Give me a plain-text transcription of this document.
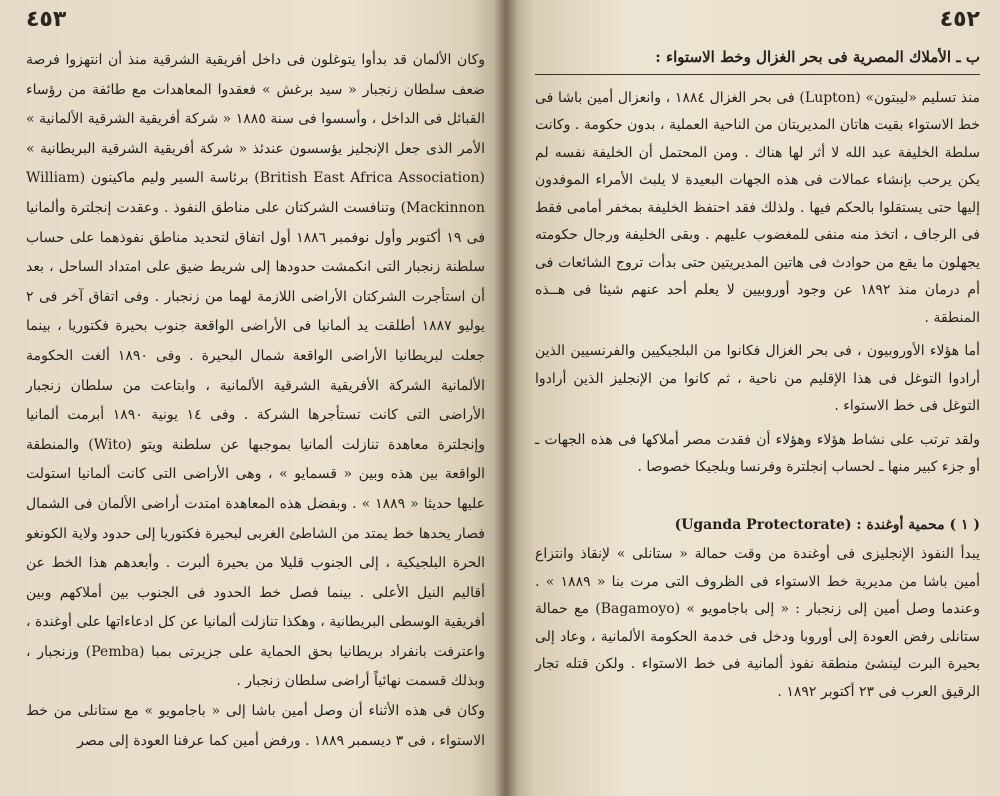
٤٥٣

وكان الألمان قد بدأوا يتوغلون فى داخل أفريقية الشرقية منذ أن انتهزوا فرصة ضعف سلطان زنجبار « سيد برغش » فعقدوا المعاهدات مع طائفة من رؤساء القبائل فى الداخل ، وأسسوا فى سنة ١٨٨٥ « شركة أفريقية الشرقية الألمانية » الأمر الذى جعل الإنجليز يؤسسون عندئذ « شركة أفريقية الشرقية البريطانية » (British East Africa Association) برئاسة السير وليم ماكينون (William Mackinnon) وتنافست الشركتان على مناطق النفوذ . وعقدت إنجلترة وألمانيا فى ١٩ أكتوبر وأول نوفمبر ١٨٨٦ أول اتفاق لتحديد مناطق نفوذهما على حساب سلطنة زنجبار التى انكمشت حدودها إلى شريط ضيق على امتداد الساحل ، بعد أن استأجرت الشركتان الأراضى اللازمة لهما من زنجبار . وفى اتفاق آخر فى ٢ يوليو ١٨٨٧ أطلقت يد ألمانيا فى الأراضى الواقعة جنوب بحيرة فكتوريا ، بينما جعلت لبريطانيا الأراضى الواقعة شمال البحيرة . وفى ١٨٩٠ ألغت الحكومة الألمانية الشركة الأفريقية الشرقية الألمانية ، وابتاعت من سلطان زنجبار الأراضى التى كانت تستأجرها الشركة . وفى ١٤ يونية ١٨٩٠ أبرمت ألمانيا وإنجلترة معاهدة تنازلت ألمانيا بموجبها عن سلطنة ويتو (Wito) والمنطقة الواقعة بين هذه وبين « قسمايو » ، وهى الأراضى التى كانت ألمانيا استولت عليها حديثا « ١٨٨٩ » . وبفضل هذه المعاهدة امتدت أراضى الألمان فى الشمال فصار يحدها خط يمتد من الشاطئ الغربى لبحيرة فكتوريا إلى حدود ولاية الكونغو الحرة البلجيكية ، إلى الجنوب قليلا من بحيرة ألبرت . وأبعدهم هذا الخط عن أقاليم النيل الأعلى . بينما فصل خط الحدود فى الجنوب بين أملاكهم وبين أفريقية الوسطى البريطانية ، وهكذا تنازلت ألمانيا عن كل ادعاءاتها على أوغندة ، واعترفت بانفراد بريطانيا بحق الحماية على جزيرتى بمبا (Pemba) وزنجبار ، وبذلك قسمت نهائياً أراضى سلطان زنجبار .

وكان فى هذه الأثناء أن وصل أمين باشا إلى « باجامويو » مع ستانلى من خط الاستواء ، فى ٣ ديسمبر ١٨٨٩ . ورفض أمين كما عرفنا العودة إلى مصر

٤٥٢
ب ـ الأملاك المصرية فى بحر الغزال وخط الاستواء :

منذ تسليم «ليبتون» (Lupton) فى بحر الغزال ١٨٨٤ ، وانعزال أمين باشا فى خط الاستواء بقيت هاتان المديريتان من الناحية العملية ، بدون حكومة . وكانت سلطة الخليفة عبد الله لا أثر لها هناك . ومن المحتمل أن الخليفة نفسه لم يكن يرحب بإنشاء عمالات فى هذه الجهات البعيدة لا يلبث الأمراء الموفدون إليها حتى يستقلوا بالحكم فيها . ولذلك فقد احتفظ الخليفة بمخفر أمامى فقط فى الرجاف ، اتخذ منه منفى للمغضوب عليهم . وبقى الخليفة ورجال حكومته يجهلون ما يقع من حوادث فى هاتين المديريتين حتى بدأت تروج الشائعات فى أم درمان منذ ١٨٩٢ عن وجود أوروبيين لا يعلم أحد عنهم شيئا فى هــذه المنطقة .

أما هؤلاء الأوروبيون ، فى بحر الغزال فكانوا من البلجيكيين والفرنسيين الذين أرادوا التوغل فى هذا الإقليم من ناحية ، ثم كانوا من الإنجليز الذين أرادوا التوغل فى خط الاستواء .

ولقد ترتب على نشاط هؤلاء وهؤلاء أن فقدت مصر أملاكها فى هذه الجهات ـ أو جزء كبير منها ـ لحساب إنجلترة وفرنسا وبلجيكا خصوصا .

( ١ ) محمية أوغندة : (Uganda Protectorate)

يبدأ النفوذ الإنجليزى فى أوغندة من وقت حمالة « ستانلى » لإنقاذ وانتزاع أمين باشا من مديرية خط الاستواء فى الظروف التى مرت بنا « ١٨٨٩ » . وعندما وصل أمين إلى زنجبار : « إلى باجامويو » (Bagamoyo) مع حمالة ستانلى رفض العودة إلى أوروبا ودخل فى خدمة الحكومة الألمانية ، وعاد إلى بحيرة البرت لينشئ منطقة نفوذ ألمانية فى خط الاستواء . ولكن قتله تجار الرقيق العرب فى ٢٣ أكتوبر ١٨٩٢ .
